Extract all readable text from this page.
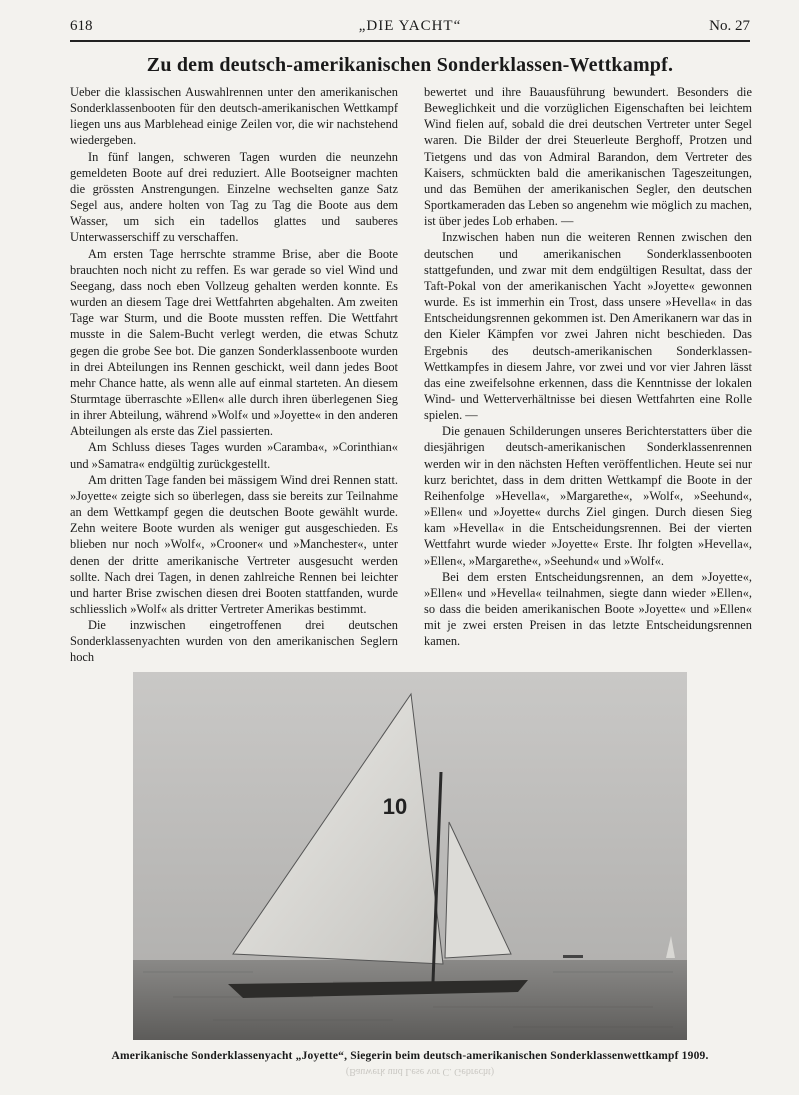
618	„DIE YACHT“	No. 27
Zu dem deutsch-amerikanischen Sonderklassen-Wettkampf.

Ueber die klassischen Auswahlrennen unter den amerikanischen Sonderklassenbooten für den deutsch-amerikanischen Wettkampf liegen uns aus Marblehead einige Zeilen vor, die wir nachstehend wiedergeben.

In fünf langen, schweren Tagen wurden die neunzehn gemeldeten Boote auf drei reduziert. Alle Bootseigner machten die grössten Anstrengungen. Einzelne wechselten ganze Satz Segel aus, andere holten von Tag zu Tag die Boote aus dem Wasser, um sich ein tadellos glattes und sauberes Unterwasserschiff zu verschaffen.

Am ersten Tage herrschte stramme Brise, aber die Boote brauchten noch nicht zu reffen. Es war gerade so viel Wind und Seegang, dass noch eben Vollzeug gehalten werden konnte. Es wurden an diesem Tage drei Wettfahrten abgehalten. Am zweiten Tage war Sturm, und die Boote mussten reffen. Die Wettfahrt musste in die Salem-Bucht verlegt werden, die etwas Schutz gegen die grobe See bot. Die ganzen Sonderklassenboote wurden in drei Abteilungen ins Rennen geschickt, weil dann jedes Boot mehr Chance hatte, als wenn alle auf einmal starteten. An diesem Sturmtage überraschte »Ellen« alle durch ihren überlegenen Sieg in ihrer Abteilung, während »Wolf« und »Joyette« in den anderen Abteilungen als erste das Ziel passierten.

Am Schluss dieses Tages wurden »Caramba«, »Corinthian« und »Samatra« endgültig zurückgestellt.

Am dritten Tage fanden bei mässigem Wind drei Rennen statt. »Joyette« zeigte sich so überlegen, dass sie bereits zur Teilnahme an dem Wettkampf gegen die deutschen Boote gewählt wurde. Zehn weitere Boote wurden als weniger gut ausgeschieden. Es blieben nur noch »Wolf«, »Crooner« und »Manchester«, unter denen der dritte amerikanische Vertreter ausgesucht werden sollte. Nach drei Tagen, in denen zahlreiche Rennen bei leichter und harter Brise zwischen diesen drei Booten stattfanden, wurde schliesslich »Wolf« als dritter Vertreter Amerikas bestimmt.

Die inzwischen eingetroffenen drei deutschen Sonderklassenyachten wurden von den amerikanischen Seglern hoch

bewertet und ihre Bauausführung bewundert. Besonders die Beweglichkeit und die vorzüglichen Eigenschaften bei leichtem Wind fielen auf, sobald die drei deutschen Vertreter unter Segel waren. Die Bilder der drei Steuerleute Berghoff, Protzen und Tietgens und das von Admiral Barandon, dem Vertreter des Kaisers, schmückten bald die amerikanischen Tageszeitungen, und das Bemühen der amerikanischen Segler, den deutschen Sportkameraden das Leben so angenehm wie möglich zu machen, ist über jedes Lob erhaben. —

Inzwischen haben nun die weiteren Rennen zwischen den deutschen und amerikanischen Sonderklassenbooten stattgefunden, und zwar mit dem endgültigen Resultat, dass der Taft-Pokal von der amerikanischen Yacht »Joyette« gewonnen wurde. Es ist immerhin ein Trost, dass unsere »Hevella« in das Entscheidungsrennen gekommen ist. Den Amerikanern war das in den Kieler Kämpfen vor zwei Jahren nicht beschieden. Das Ergebnis des deutsch-amerikanischen Sonderklassen-Wettkampfes in diesem Jahre, vor zwei und vor vier Jahren lässt das eine zweifelsohne erkennen, dass die Kenntnisse der lokalen Wind- und Wetterverhältnisse bei diesen Wettfahrten eine Rolle spielen. —

Die genauen Schilderungen unseres Berichterstatters über die diesjährigen deutsch-amerikanischen Sonderklassenrennen werden wir in den nächsten Heften veröffentlichen. Heute sei nur kurz berichtet, dass in dem dritten Wettkampf die Boote in der Reihenfolge »Hevella«, »Margarethe«, »Wolf«, »Seehund«, »Ellen« und »Joyette« durchs Ziel gingen. Durch diesen Sieg kam »Hevella« in die Entscheidungsrennen. Bei der vierten Wettfahrt wurde wieder »Joyette« Erste. Ihr folgten »Hevella«, »Ellen«, »Margarethe«, »Seehund« und »Wolf«.

Bei dem ersten Entscheidungsrennen, an dem »Joyette«, »Ellen« und »Hevella« teilnahmen, siegte dann wieder »Ellen«, so dass die beiden amerikanischen Boote »Joyette« und »Ellen« mit je zwei ersten Preisen in das letzte Entscheidungsrennen kamen.

10
Amerikanische Sonderklassenyacht „Joyette“, Siegerin beim deutsch-amerikanischen Sonderklassenwettkampf 1909.
(Bauwerk und Lese vor C. Gebrecht)
